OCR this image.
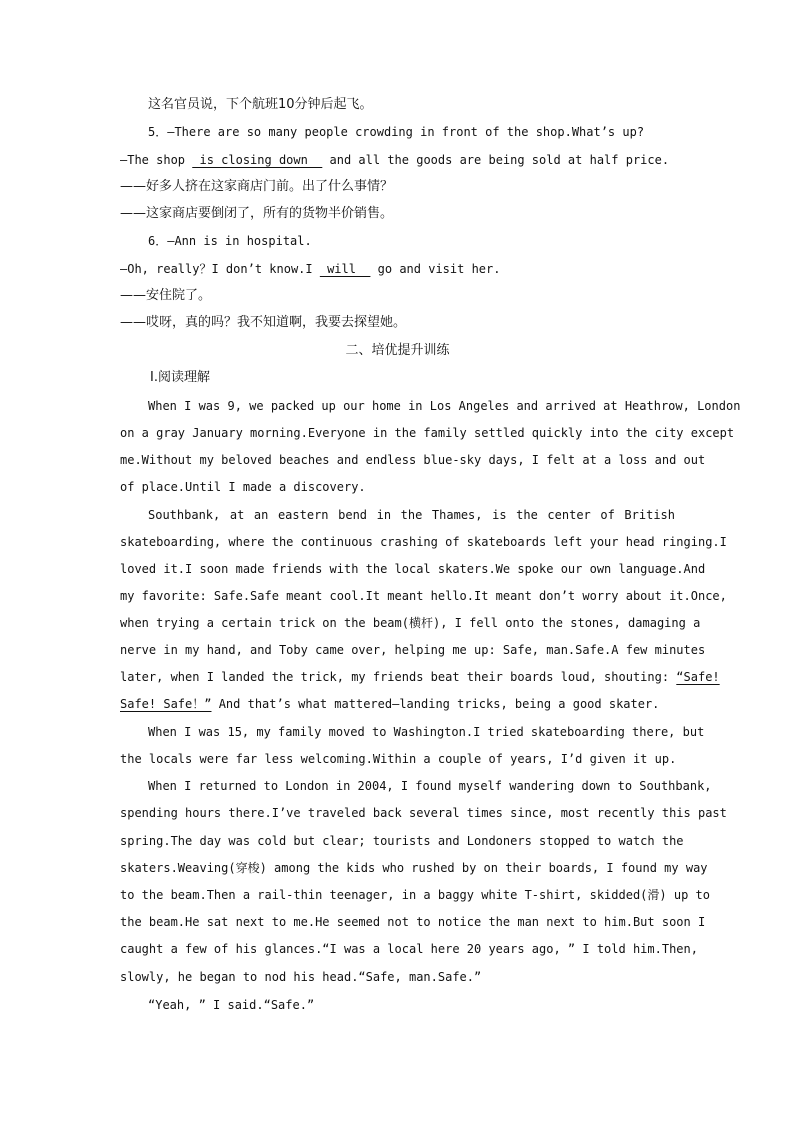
这名官员说，下个航班10分钟后起飞。
5．—There are so many people crowding in front of the shop.What’s up?
—The shop  is closing down   and all the goods are being sold at half price.
——好多人挤在这家商店门前。出了什么事情？
——这家商店要倒闭了，所有的货物半价销售。
6．—Ann is in hospital.
—Oh, really？I don’t know.I  will   go and visit her.
——安住院了。
——哎呀，真的吗？我不知道啊，我要去探望她。
二、培优提升训练
Ⅰ.阅读理解
When I was 9, we packed up our home in Los Angeles and arrived at Heathrow, London
on a gray January morning.Everyone in the family settled quickly into the city except
me.Without my beloved beaches and endless blue-sky days, I felt at a loss and out
of place.Until I made a discovery.
Southbank, at an eastern bend in the Thames, is the center of British
skateboarding, where the continuous crashing of skateboards left your head ringing.I
loved it.I soon made friends with the local skaters.We spoke our own language.And
my favorite: Safe.Safe meant cool.It meant hello.It meant don’t worry about it.Once,
when trying a certain trick on the beam(横杆), I fell onto the stones, damaging a
nerve in my hand, and Toby came over, helping me up: Safe, man.Safe.A few minutes
later, when I landed the trick, my friends beat their boards loud, shouting: “Safe!
Safe! Safe！” And that’s what mattered—landing tricks, being a good skater.
When I was 15, my family moved to Washington.I tried skateboarding there, but
the locals were far less welcoming.Within a couple of years, I’d given it up.
When I returned to London in 2004, I found myself wandering down to Southbank,
spending hours there.I’ve traveled back several times since, most recently this past
spring.The day was cold but clear; tourists and Londoners stopped to watch the
skaters.Weaving(穿梭) among the kids who rushed by on their boards, I found my way
to the beam.Then a rail-thin teenager, in a baggy white T-shirt, skidded(滑) up to
the beam.He sat next to me.He seemed not to notice the man next to him.But soon I
caught a few of his glances.“I was a local here 20 years ago, ” I told him.Then,
slowly, he began to nod his head.“Safe, man.Safe.”
“Yeah, ” I said.“Safe.”
